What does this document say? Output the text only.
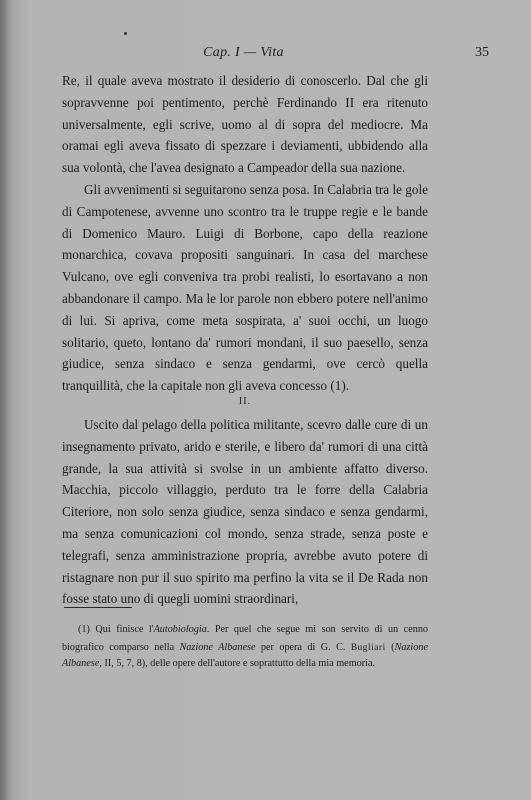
Cap. I — Vita	35

Re, il quale aveva mostrato il desiderio di conoscerlo. Dal che gli sopravvenne poi pentimento, perchè Ferdinando II era ritenuto universalmente, egli scrive, uomo al di sopra del mediocre. Ma oramai egli aveva fissato di spezzare i deviamenti, ubbidendo alla sua volontà, che l'avea designato a Campeador della sua nazione.

Gli avvenimenti si seguitarono senza posa. In Calabria tra le gole di Campotenese, avvenne uno scontro tra le truppe regie e le bande di Domenico Mauro. Luigi di Borbone, capo della reazione monarchica, covava propositi sanguinari. In casa del marchese Vulcano, ove egli conveniva tra probi realisti, lo esortavano a non abbandonare il campo. Ma le lor parole non ebbero potere nell'animo di lui. Si apriva, come meta sospirata, a' suoi occhi, un luogo solitario, queto, lontano da' rumori mondani, il suo paesello, senza giudice, senza sindaco e senza gendarmi, ove cercò quella tranquillità, che la capitale non gli aveva concesso (1).

II.

Uscito dal pelago della politica militante, scevro dalle cure di un insegnamento privato, arido e sterile, e libero da' rumori di una città grande, la sua attività si svolse in un ambiente affatto diverso. Macchia, piccolo villaggio, perduto tra le forre della Calabria Citeriore, non solo senza giudice, senza sindaco e senza gendarmi, ma senza comunicazioni col mondo, senza strade, senza poste e telegrafi, senza amministrazione propria, avrebbe avuto potere di ristagnare non pur il suo spirito ma perfino la vita se il De Rada non fosse stato uno di quegli uomini straordinari,

(1) Qui finisce l'Autobiologia. Per quel che segue mi son servito di un cenno biografico comparso nella Nazione Albanese per opera di G. C. Bugliari (Nazione Albanese, II, 5, 7, 8), delle opere dell'autore e soprattutto della mia memoria.
